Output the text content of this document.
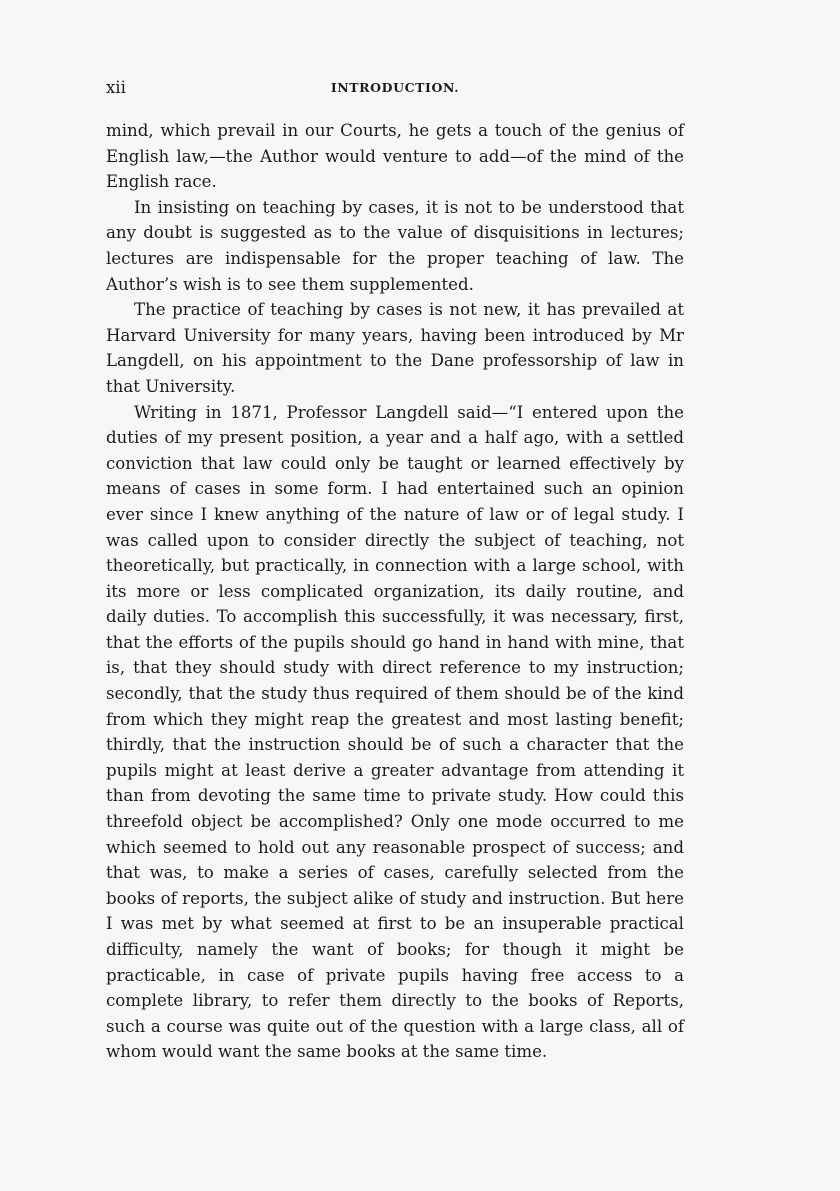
xii	INTRODUCTION.

mind, which prevail in our Courts, he gets a touch of the genius of English law,—the Author would venture to add—of the mind of the English race.

In insisting on teaching by cases, it is not to be understood that any doubt is suggested as to the value of disquisitions in lectures; lectures are indispensable for the proper teaching of law. The Author’s wish is to see them supplemented.

The practice of teaching by cases is not new, it has prevailed at Harvard University for many years, having been introduced by Mr Langdell, on his appointment to the Dane professorship of law in that University.

Writing in 1871, Professor Langdell said—“I entered upon the duties of my present position, a year and a half ago, with a settled conviction that law could only be taught or learned effectively by means of cases in some form. I had entertained such an opinion ever since I knew anything of the nature of law or of legal study. I was called upon to consider directly the subject of teaching, not theoretically, but practically, in connection with a large school, with its more or less complicated organization, its daily routine, and daily duties. To accomplish this successfully, it was necessary, first, that the efforts of the pupils should go hand in hand with mine, that is, that they should study with direct reference to my instruction; secondly, that the study thus required of them should be of the kind from which they might reap the greatest and most lasting benefit; thirdly, that the instruction should be of such a character that the pupils might at least derive a greater advantage from attending it than from devoting the same time to private study. How could this threefold object be accomplished? Only one mode occurred to me which seemed to hold out any reasonable prospect of success; and that was, to make a series of cases, carefully selected from the books of reports, the subject alike of study and instruction. But here I was met by what seemed at first to be an insuperable practical difficulty, namely the want of books; for though it might be practicable, in case of private pupils having free access to a complete library, to refer them directly to the books of Reports, such a course was quite out of the question with a large class, all of whom would want the same books at the same time.
